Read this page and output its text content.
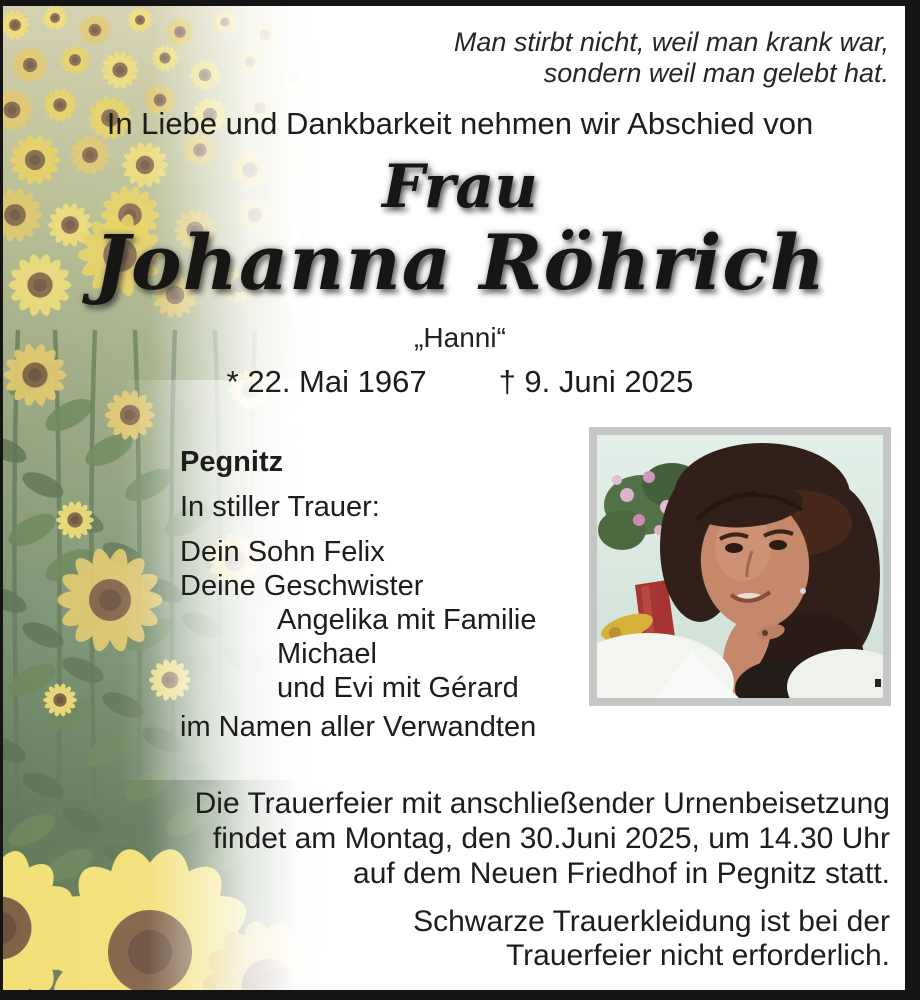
Man stirbt nicht, weil man krank war,
sondern weil man gelebt hat.
In Liebe und Dankbarkeit nehmen wir Abschied von
Frau
Johanna Röhrich
„Hanni“
* 22. Mai 1967 † 9. Juni 2025
Pegnitz
In stiller Trauer:
Dein Sohn Felix
Deine Geschwister
Angelika mit Familie
Michael
und Evi mit Gérard
im Namen aller Verwandten
Die Trauerfeier mit anschließender Urnenbeisetzung
findet am Montag, den 30.Juni 2025, um 14.30 Uhr
auf dem Neuen Friedhof in Pegnitz statt.
Schwarze Trauerkleidung ist bei der
Trauerfeier nicht erforderlich.
